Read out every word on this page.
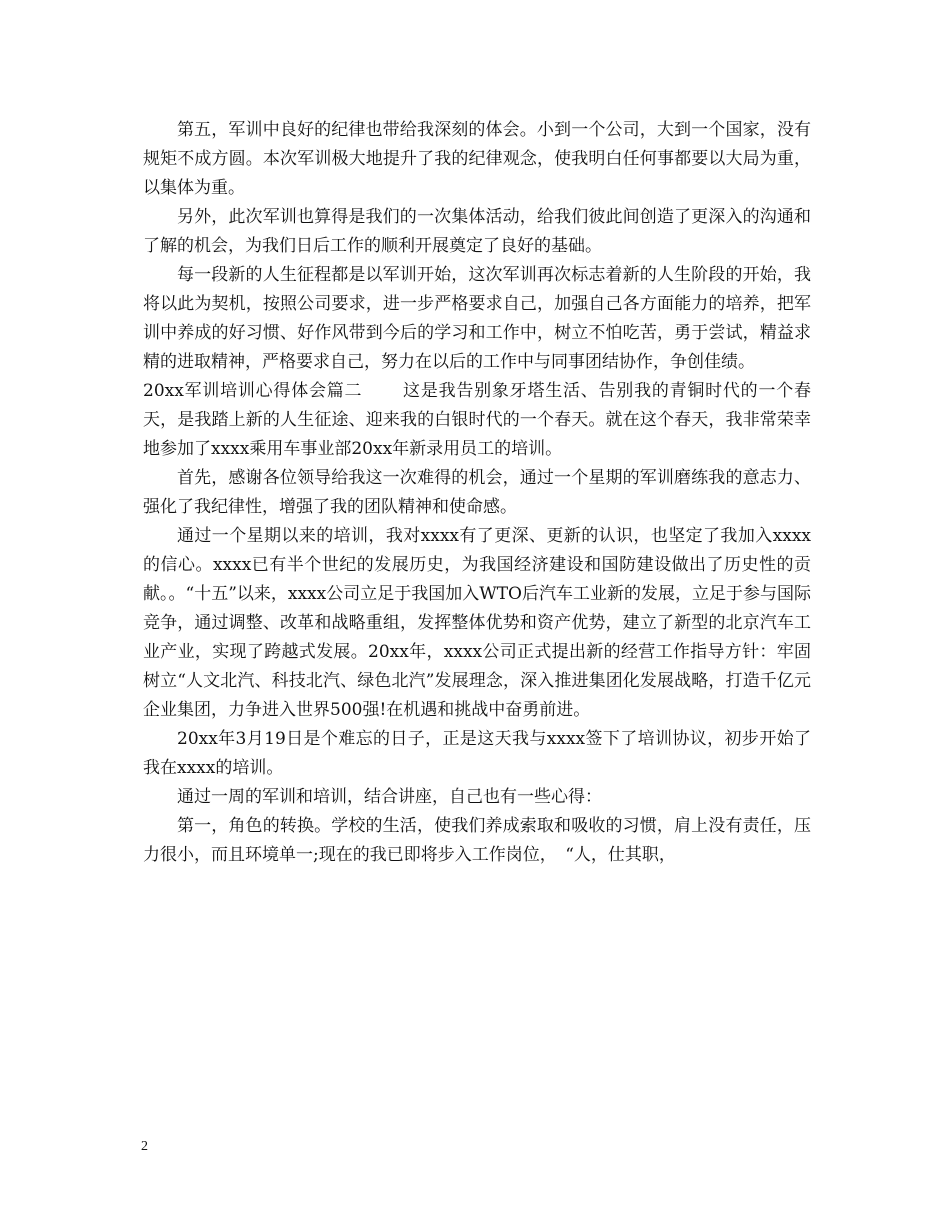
第五，军训中良好的纪律也带给我深刻的体会。小到一个公司，大到一个国家，没有规矩不成方圆。本次军训极大地提升了我的纪律观念，使我明白任何事都要以大局为重，以集体为重。

另外，此次军训也算得是我们的一次集体活动，给我们彼此间创造了更深入的沟通和了解的机会，为我们日后工作的顺利开展奠定了良好的基础。

每一段新的人生征程都是以军训开始，这次军训再次标志着新的人生阶段的开始，我将以此为契机，按照公司要求，进一步严格要求自己，加强自己各方面能力的培养，把军训中养成的好习惯、好作风带到今后的学习和工作中，树立不怕吃苦，勇于尝试，精益求精的进取精神，严格要求自己，努力在以后的工作中与同事团结协作，争创佳绩。

20xx军训培训心得体会篇二 这是我告别象牙塔生活、告别我的青铜时代的一个春天，是我踏上新的人生征途、迎来我的白银时代的一个春天。就在这个春天，我非常荣幸地参加了xxxx乘用车事业部20xx年新录用员工的培训。

首先，感谢各位领导给我这一次难得的机会，通过一个星期的军训磨练我的意志力、强化了我纪律性，增强了我的团队精神和使命感。

通过一个星期以来的培训，我对xxxx有了更深、更新的认识，也坚定了我加入xxxx的信心。xxxx已有半个世纪的发展历史，为我国经济建设和国防建设做出了历史性的贡献。。“十五”以来，xxxx公司立足于我国加入WTO后汽车工业新的发展，立足于参与国际竞争，通过调整、改革和战略重组，发挥整体优势和资产优势，建立了新型的北京汽车工业产业，实现了跨越式发展。20xx年，xxxx公司正式提出新的经营工作指导方针：牢固树立“人文北汽、科技北汽、绿色北汽”发展理念，深入推进集团化发展战略，打造千亿元企业集团，力争进入世界500强!在机遇和挑战中奋勇前进。

20xx年3月19日是个难忘的日子，正是这天我与xxxx签下了培训协议，初步开始了我在xxxx的培训。

通过一周的军训和培训，结合讲座，自己也有一些心得：

第一，角色的转换。学校的生活，使我们养成索取和吸收的习惯，肩上没有责任，压力很小，而且环境单一;现在的我已即将步入工作岗位，　“人，仕其职，

2
